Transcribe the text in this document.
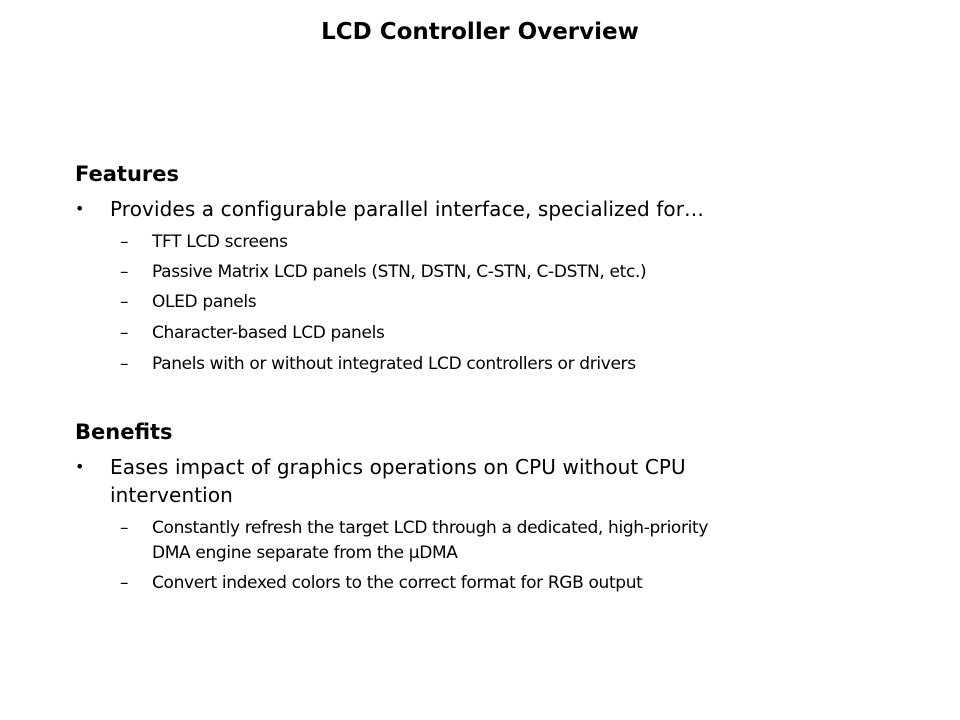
LCD Controller Overview
Features
• Provides a configurable parallel interface, specialized for…
– TFT LCD screens
– Passive Matrix LCD panels (STN, DSTN, C-STN, C-DSTN, etc.)
– OLED panels
– Character-based LCD panels
– Panels with or without integrated LCD controllers or drivers
Benefits
• Eases impact of graphics operations on CPU without CPU
intervention
– Constantly refresh the target LCD through a dedicated, high-priority
DMA engine separate from the µDMA
– Convert indexed colors to the correct format for RGB output
